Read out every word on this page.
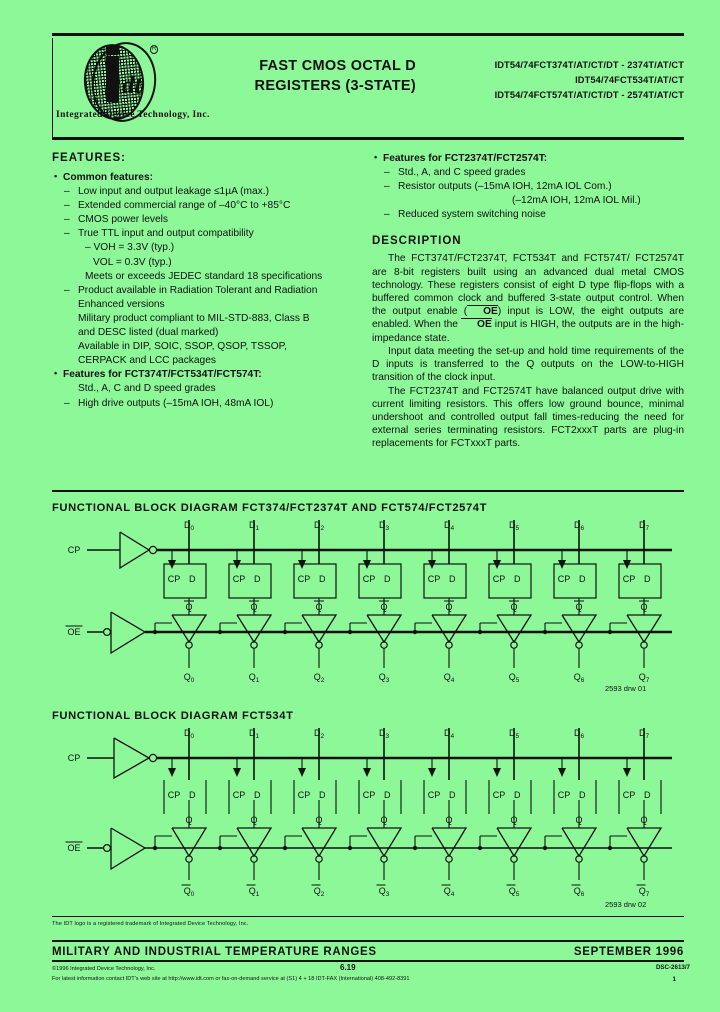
dt
R
Integrated Device Technology, Inc.
FAST CMOS OCTAL D
REGISTERS (3-STATE)
IDT54/74FCT374T/AT/CT/DT - 2374T/AT/CT
IDT54/74FCT534T/AT/CT
IDT54/74FCT574T/AT/CT/DT - 2574T/AT/CT
FEATURES:
• Common features:
– Low input and output leakage ≤1µA (max.)
– Extended commercial range of –40°C to +85°C
– CMOS power levels
– True TTL input and output compatibility
– VOH = 3.3V (typ.)
VOL = 0.3V (typ.)
Meets or exceeds JEDEC standard 18 specifications
– Product available in Radiation Tolerant and Radiation
Enhanced versions
Military product compliant to MIL-STD-883, Class B
and DESC listed (dual marked)
Available in DIP, SOIC, SSOP, QSOP, TSSOP,
CERPACK and LCC packages
• Features for FCT374T/FCT534T/FCT574T:
Std., A, C and D speed grades
– High drive outputs (–15mA IOH, 48mA IOL)
• Features for FCT2374T/FCT2574T:
– Std., A, and C speed grades
– Resistor outputs (–15mA IOH, 12mA IOL Com.)
(–12mA IOH, 12mA IOL Mil.)
– Reduced system switching noise
DESCRIPTION

The FCT374T/FCT2374T, FCT534T and FCT574T/ FCT2574T are 8-bit registers built using an advanced dual metal CMOS technology. These registers consist of eight D type flip-flops with a buffered common clock and buffered 3-state output control. When the output enable ( OE) input is LOW, the eight outputs are enabled. When the OE input is HIGH, the outputs are in the high-impedance state.

Input data meeting the set-up and hold time requirements of the D inputs is transferred to the Q outputs on the LOW-to-HIGH transition of the clock input.

The FCT2374T and FCT2574T have balanced output drive with current limiting resistors. This offers low ground bounce, minimal undershoot and controlled output fall times-reducing the need for external series terminating resistors. FCT2xxxT parts are plug-in replacements for FCTxxxT parts.

FUNCTIONAL BLOCK DIAGRAM FCT374/FCT2374T AND FCT574/FCT2574T
CP
OE
$D_0$
D
CP
Q
$Q_0$
$D_1$
D
CP
Q
$Q_1$
$D_2$
D
CP
Q
$Q_2$
$D_3$
D
CP
Q
$Q_3$
$D_4$
D
CP
Q
$Q_4$
$D_5$
D
CP
Q
$Q_5$
$D_6$
D
CP
Q
$Q_6$
$D_7$
D
CP
Q
$Q_7$
2593 drw 01
FUNCTIONAL BLOCK DIAGRAM FCT534T
CP
OE
$D_0$
D
CP
Q
$Q_0$
$D_1$
D
CP
Q
$Q_1$
$D_2$
D
CP
Q
$Q_2$
$D_3$
D
CP
Q
$Q_3$
$D_4$
D
CP
Q
$Q_4$
$D_5$
D
CP
Q
$Q_5$
$D_6$
D
CP
Q
$Q_6$
$D_7$
D
CP
Q
$Q_7$
2593 drw 02
The IDT logo is a registered trademark of Integrated Device Technology, Inc.
MILITARY AND INDUSTRIAL TEMPERATURE RANGES	SEPTEMBER 1996
©1996 Integrated Device Technology, Inc.
For latest information contact IDT's web site at http://www.idt.com or fax-on-demand service at (S1) 4 + 18 IDT-FAX (International) 408-492-8391
6.19	DSC-2613/7
1
